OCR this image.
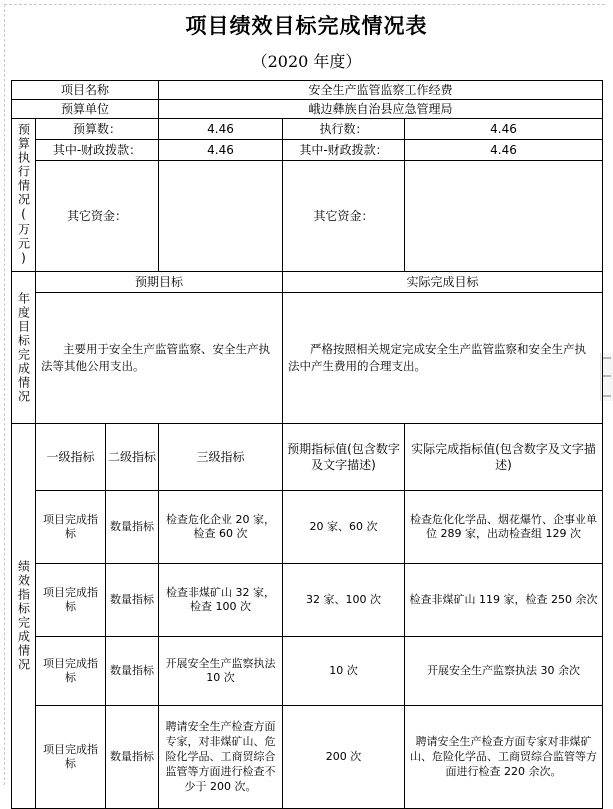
项目绩效目标完成情况表
（2020 年度）
项目名称			安全生产监管监察工作经费		
预算单位			峨边彝族自治县应急管理局		

预算执行情况(万元)	预算数：		4.46	执行数：	4.46
	其中-财政拨款：		4.46	其中-财政拨款：	4.46
	其它资金：			其它资金：	

年度目标完成情况	预期目标			实际完成目标	
	主要用于安全生产监管监察、安全生产执法等其他公用支出。			严格按照相关规定完成安全生产监管监察和安全生产执法中产生费用的合理支出。	

绩效指标完成情况	一级指标	二级指标	三级指标	预期指标值(包含数字及文字描述)	实际完成指标值(包含数字及文字描述)
	项目完成指标	数量指标	检查危化企业 20 家，检查 60 次	20 家、60 次	检查危化化学品、烟花爆竹、企事业单位 289 家，出动检查组 129 次
	项目完成指标	数量指标	检查非煤矿山 32 家，检查 100 次	32 家、100 次	检查非煤矿山 119 家，检查 250 余次
	项目完成指标	数量指标	开展安全生产监察执法 10 次	10 次	开展安全生产监察执法 30 余次
	项目完成指标	数量指标	聘请安全生产检查方面专家，对非煤矿山、危险化学品、工商贸综合监管等方面进行检查不少于 200 次。	200 次	聘请安全生产检查方面专家对非煤矿山、危险化学品、工商贸综合监管等方面进行检查 220 余次。
